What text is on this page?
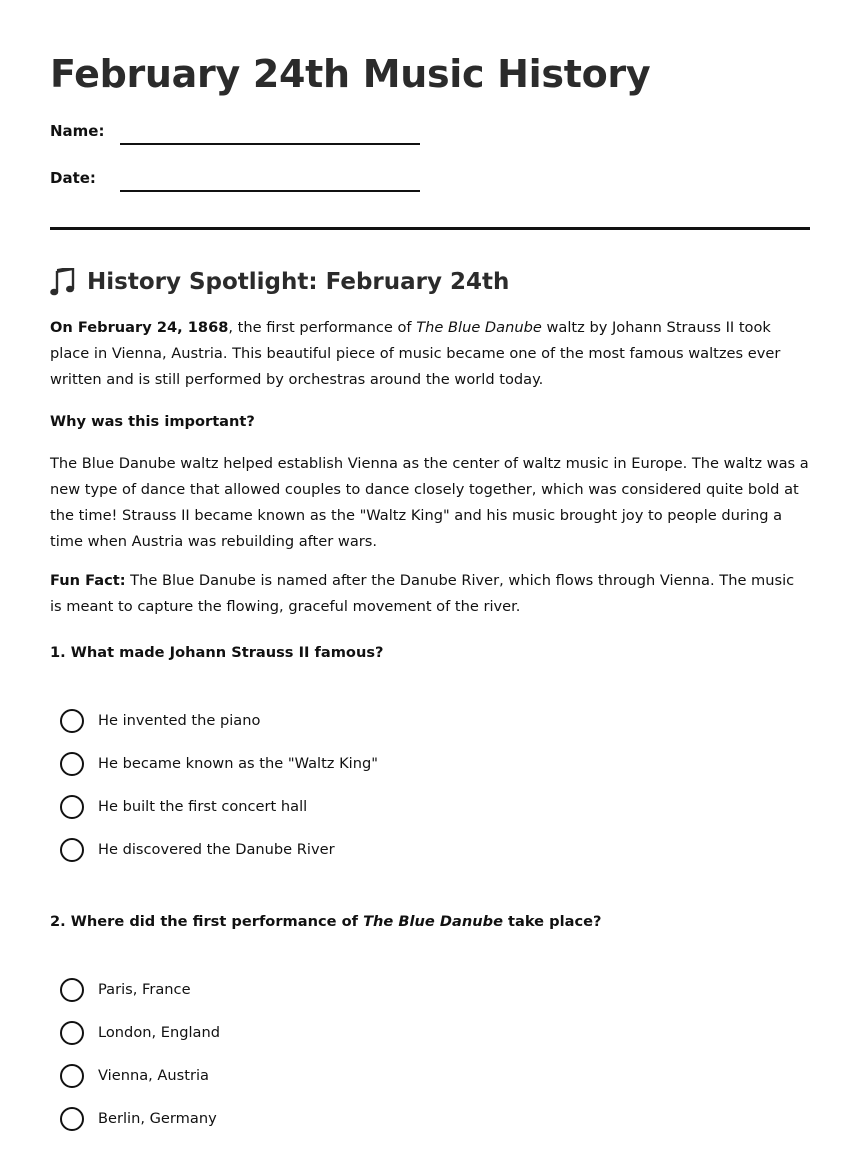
February 24th Music History
Name:
Date:
History Spotlight: February 24th

On February 24, 1868, the first performance of The Blue Danube waltz by Johann Strauss II took place in Vienna, Austria. This beautiful piece of music became one of the most famous waltzes ever written and is still performed by orchestras around the world today.

Why was this important?

The Blue Danube waltz helped establish Vienna as the center of waltz music in Europe. The waltz was a new type of dance that allowed couples to dance closely together, which was considered quite bold at the time! Strauss II became known as the "Waltz King" and his music brought joy to people during a time when Austria was rebuilding after wars.

Fun Fact: The Blue Danube is named after the Danube River, which flows through Vienna. The music is meant to capture the flowing, graceful movement of the river.

1. What made Johann Strauss II famous?
He invented the piano
He became known as the "Waltz King"
He built the first concert hall
He discovered the Danube River
2. Where did the first performance of The Blue Danube take place?
Paris, France
London, England
Vienna, Austria
Berlin, Germany
